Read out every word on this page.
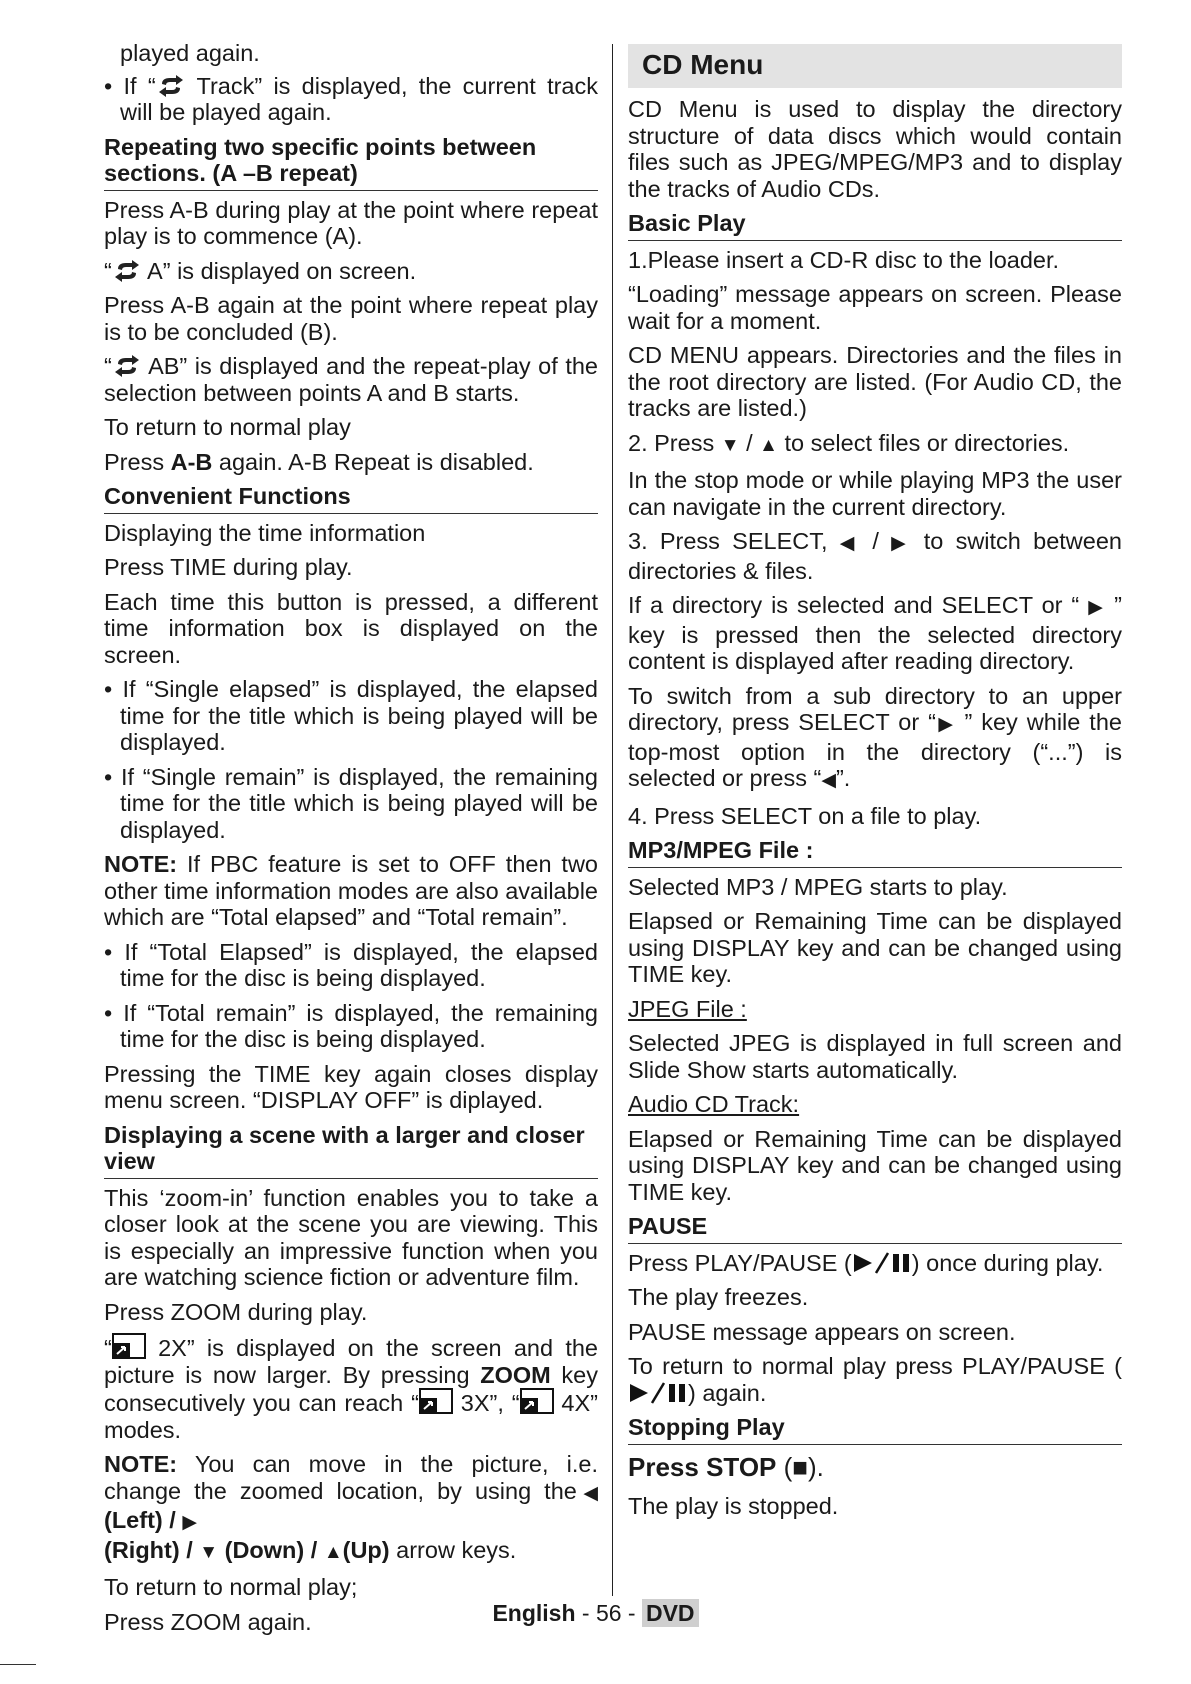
played again.

• If “ Track” is displayed, the current track will be played again.

Repeating two specific points between sections. (A –B repeat)

Press A-B during play at the point where repeat play is to commence (A).

“ A” is displayed on screen.

Press A-B again at the point where repeat play is to be concluded (B).

“ AB” is displayed and the repeat-play of the selection between points A and B starts.

To return to normal play

Press A-B again. A-B Repeat is disabled.

Convenient Functions

Displaying the time information

Press TIME during play.

Each time this button is pressed, a different time information box is displayed on the screen.

• If “Single elapsed” is displayed, the elapsed time for the title which is being played will be displayed.

• If “Single remain” is displayed, the remaining time for the title which is being played will be displayed.

NOTE: If PBC feature is set to OFF then two other time information modes are also available which are “Total elapsed” and “Total remain”.

• If “Total Elapsed” is displayed, the elapsed time for the disc is being displayed.

• If “Total remain” is displayed, the remaining time for the disc is being displayed.

Pressing the TIME key again closes display menu screen. “DISPLAY OFF” is diplayed.

Displaying a scene with a larger and closer view

This ‘zoom-in’ function enables you to take a closer look at the scene you are viewing. This is especially an impressive function when you are watching science fiction or adventure film.

Press ZOOM during play.

“ 2X” is displayed on the screen and the picture is now larger. By pressing ZOOM key consecutively you can reach “ 3X”, “ 4X” modes.

NOTE: You can move in the picture, i.e. change the zoomed location, by using the◀ (Left) / ▶
(Right) / ▼ (Down) / ▲(Up) arrow keys.

To return to normal play;

Press ZOOM again.

CD Menu

CD Menu is used to display the directory structure of data discs which would contain files such as JPEG/MPEG/MP3 and to display the tracks of Audio CDs.

Basic Play

1.Please insert a CD-R disc to the loader.

“Loading” message appears on screen. Please wait for a moment.

CD MENU appears. Directories and the files in the root directory are listed. (For Audio CD, the tracks are listed.)

2. Press ▼ / ▲ to select files or directories.

In the stop mode or while playing MP3 the user can navigate in the current directory.

3. Press SELECT, ◀ / ▶ to switch between directories & files.

If a directory is selected and SELECT or “ ▶ ” key is pressed then the selected directory content is displayed after reading directory.

To switch from a sub directory to an upper directory, press SELECT or “▶ ” key while the top-most option in the directory (“...”) is selected or press “◀”.

4. Press SELECT on a file to play.

MP3/MPEG File :

Selected MP3 / MPEG starts to play.

Elapsed or Remaining Time can be displayed using DISPLAY key and can be changed using TIME key.

JPEG File :

Selected JPEG is displayed in full screen and Slide Show starts automatically.

Audio CD Track:

Elapsed or Remaining Time can be displayed using DISPLAY key and can be changed using TIME key.

PAUSE

Press PLAY/PAUSE (	) once during play.

The play freezes.

PAUSE message appears on screen.

To return to normal play press PLAY/PAUSE () again.

Stopping Play

Press STOP (■).

The play is stopped.

English - 56 - DVD
